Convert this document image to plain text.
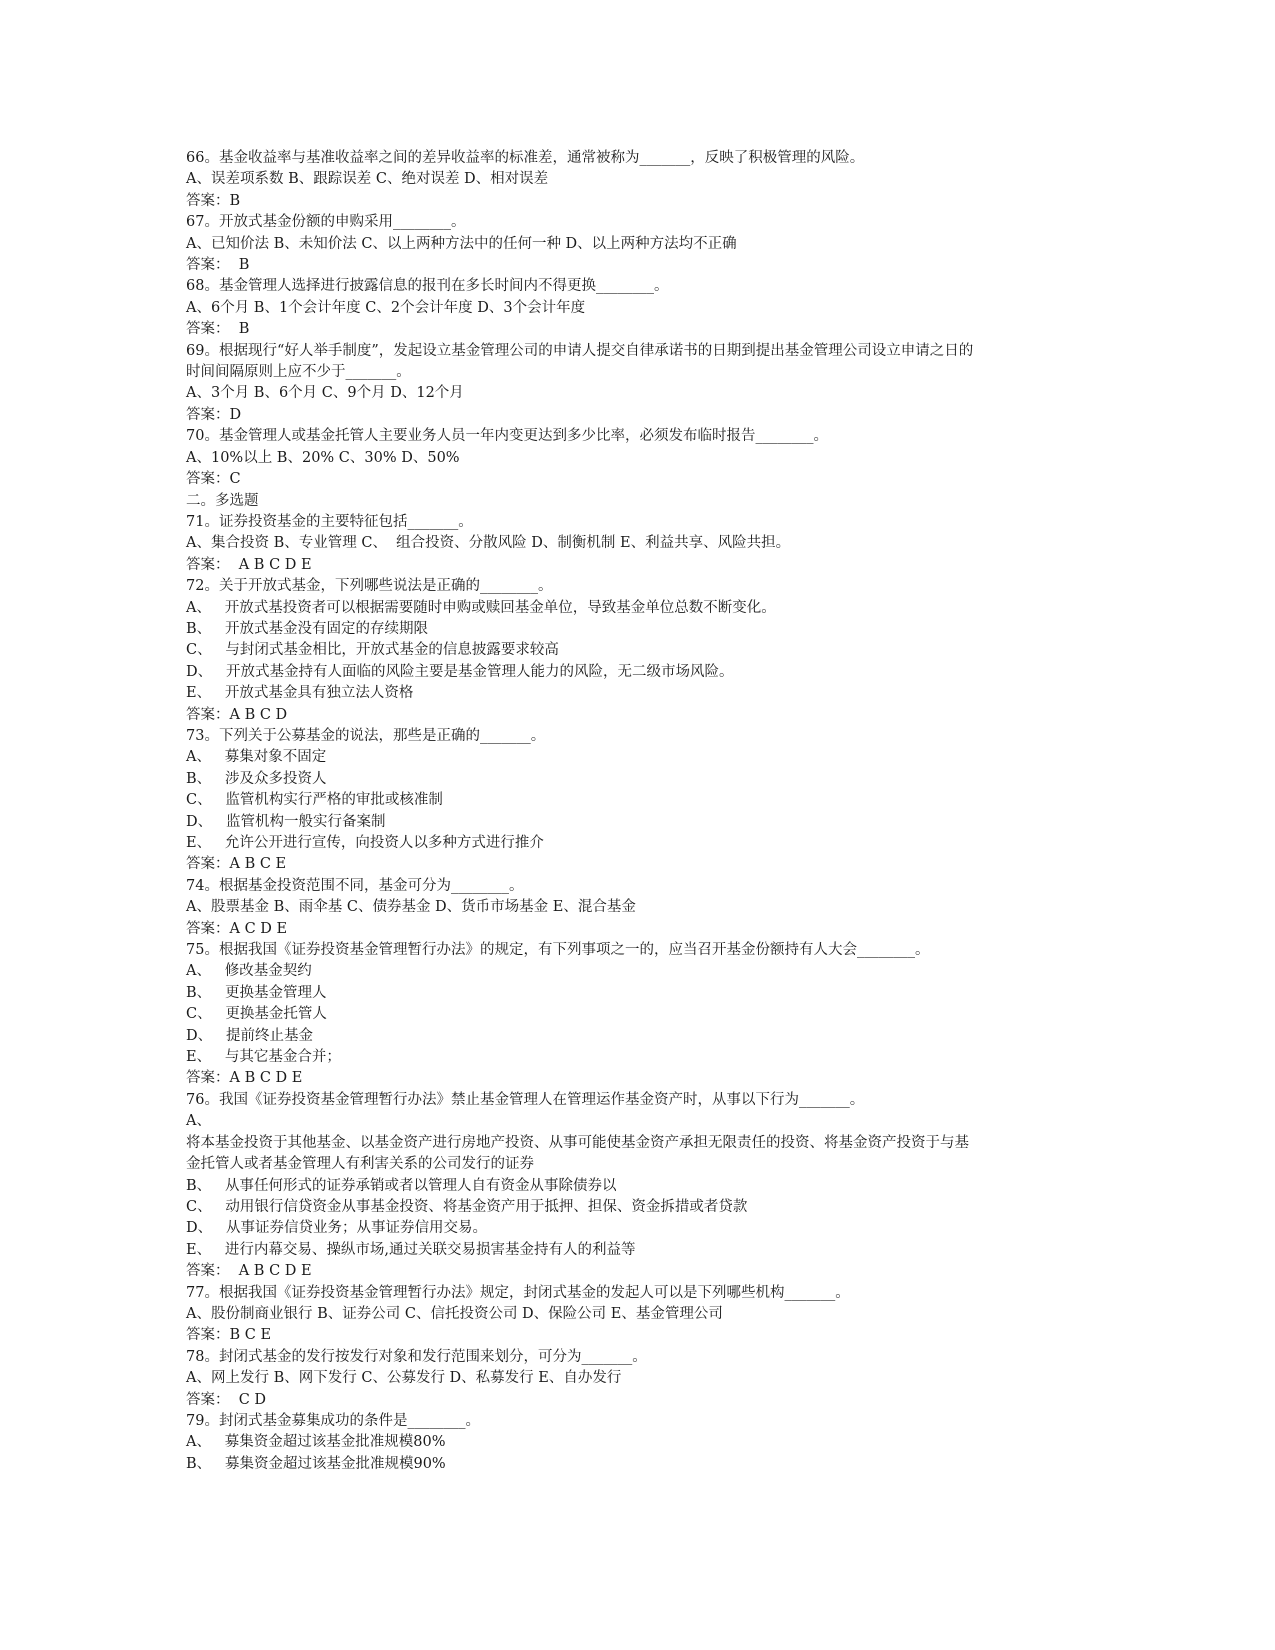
66。基金收益率与基准收益率之间的差异收益率的标准差，通常被称为_______，反映了积极管理的风险。
A、误差项系数 B、跟踪误差 C、绝对误差 D、相对误差
答案：B
67。开放式基金份额的申购采用________。
A、已知价法 B、未知价法 C、以上两种方法中的任何一种 D、以上两种方法均不正确
答案：  B
68。基金管理人选择进行披露信息的报刊在多长时间内不得更换________。
A、6个月 B、1个会计年度 C、2个会计年度 D、3个会计年度
答案：  B
69。根据现行“好人举手制度”，发起设立基金管理公司的申请人提交自律承诺书的日期到提出基金管理公司设立申请之日的
时间间隔原则上应不少于_______。
A、3个月 B、6个月 C、9个月 D、12个月
答案：D
70。基金管理人或基金托管人主要业务人员一年内变更达到多少比率，必须发布临时报告________。
A、10%以上 B、20% C、30% D、50%
答案：C
二。多选题
71。证券投资基金的主要特征包括_______。
A、集合投资 B、专业管理 C、  组合投资、分散风险 D、制衡机制 E、利益共享、风险共担。
答案：  A B C D E
72。关于开放式基金，下列哪些说法是正确的________。
A、   开放式基投资者可以根据需要随时申购或赎回基金单位，导致基金单位总数不断变化。
B、   开放式基金没有固定的存续期限
C、   与封闭式基金相比，开放式基金的信息披露要求较高
D、   开放式基金持有人面临的风险主要是基金管理人能力的风险，无二级市场风险。
E、   开放式基金具有独立法人资格
答案：A B C D
73。下列关于公募基金的说法，那些是正确的_______。
A、   募集对象不固定
B、   涉及众多投资人
C、   监管机构实行严格的审批或核准制
D、   监管机构一般实行备案制
E、   允许公开进行宣传，向投资人以多种方式进行推介
答案：A B C E
74。根据基金投资范围不同，基金可分为________。
A、股票基金 B、雨伞基 C、债券基金 D、货币市场基金 E、混合基金
答案：A C D E
75。根据我国《证券投资基金管理暂行办法》的规定，有下列事项之一的，应当召开基金份额持有人大会________。
A、   修改基金契约
B、   更换基金管理人
C、   更换基金托管人
D、   提前终止基金
E、   与其它基金合并；
答案：A B C D E
76。我国《证券投资基金管理暂行办法》禁止基金管理人在管理运作基金资产时，从事以下行为_______。
A、
将本基金投资于其他基金、以基金资产进行房地产投资、从事可能使基金资产承担无限责任的投资、将基金资产投资于与基
金托管人或者基金管理人有利害关系的公司发行的证券
B、   从事任何形式的证券承销或者以管理人自有资金从事除债券以
C、   动用银行信贷资金从事基金投资、将基金资产用于抵押、担保、资金拆措或者贷款
D、   从事证券信贷业务；从事证券信用交易。
E、   进行内幕交易、操纵市场,通过关联交易损害基金持有人的利益等
答案：  A B C D E
77。根据我国《证券投资基金管理暂行办法》规定，封闭式基金的发起人可以是下列哪些机构_______。
A、股份制商业银行 B、证券公司 C、信托投资公司 D、保险公司 E、基金管理公司
答案：B C E
78。封闭式基金的发行按发行对象和发行范围来划分，可分为_______。
A、网上发行 B、网下发行 C、公募发行 D、私募发行 E、自办发行
答案：  C D
79。封闭式基金募集成功的条件是________。
A、   募集资金超过该基金批准规模80%
B、   募集资金超过该基金批准规模90%
